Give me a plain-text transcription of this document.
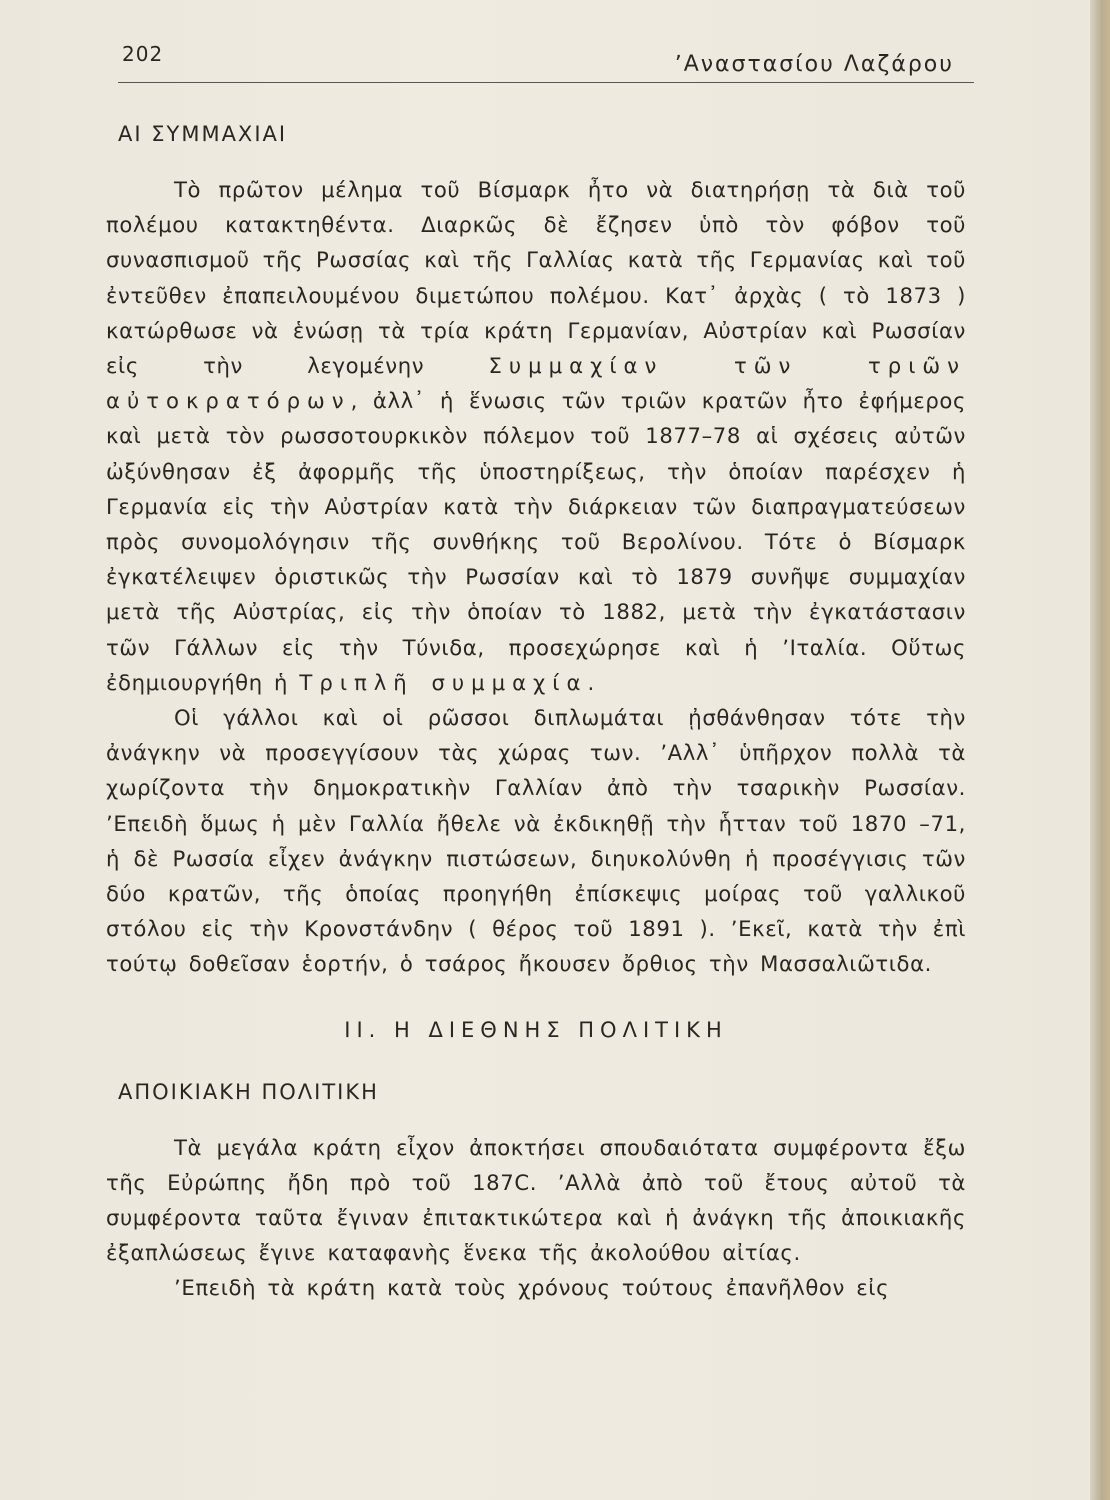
202	ʼΑναστασίου Λαζάρου
ΑΙ ΣΥΜΜΑΧΙΑΙ

Τὸ πρῶτον μέλημα τοῦ Βίσμαρκ ἦτο νὰ διατηρήσῃ τὰ διὰ τοῦ πολέμου κατακτηθέντα. Διαρκῶς δὲ ἔζησεν ὑπὸ τὸν φόβον τοῦ συνασπισμοῦ τῆς Ρωσσίας καὶ τῆς Γαλλίας κατὰ τῆς Γερμανίας καὶ τοῦ ἐντεῦθεν ἐπαπειλουμένου διμετώπου πολέμου. Κατ᾽ ἀρχὰς ( τὸ 1873 ) κατώρθωσε νὰ ἑνώσῃ τὰ τρία κράτη Γερμανίαν, Αὐστρίαν καὶ Ρωσσίαν εἰς τὴν λεγομένην Συμμαχίαν τῶν τριῶν αὐτοκρατόρων, ἀλλ᾽ ἡ ἕνωσις τῶν τριῶν κρατῶν ἦτο ἐφήμερος καὶ μετὰ τὸν ρωσσοτουρκικὸν πόλεμον τοῦ 1877–78 αἱ σχέσεις αὐτῶν ὠξύνθησαν ἐξ ἀφορμῆς τῆς ὑποστηρίξεως, τὴν ὁποίαν παρέσχεν ἡ Γερμανία εἰς τὴν Αὐστρίαν κατὰ τὴν διάρκειαν τῶν διαπραγματεύσεων πρὸς συνομολόγησιν τῆς συνθήκης τοῦ Βερολίνου. Τότε ὁ Βίσμαρκ ἐγκατέλειψεν ὁριστικῶς τὴν Ρωσσίαν καὶ τὸ 1879 συνῆψε συμμαχίαν μετὰ τῆς Αὐστρίας, εἰς τὴν ὁποίαν τὸ 1882, μετὰ τὴν ἐγκατάστασιν τῶν Γάλλων εἰς τὴν Τύνιδα, προσεχώρησε καὶ ἡ ʼΙταλία. Οὕτως ἐδημιουργήθη ἡ Τριπλῆ συμμαχία.

Οἱ γάλλοι καὶ οἱ ρῶσσοι διπλωμάται ᾐσθάνθησαν τότε τὴν ἀνάγκην νὰ προσεγγίσουν τὰς χώρας των. ʼΑλλ᾽ ὑπῆρχον πολλὰ τὰ χωρίζοντα τὴν δημοκρατικὴν Γαλλίαν ἀπὸ τὴν τσαρικὴν Ρωσσίαν. ʼΕπειδὴ ὅμως ἡ μὲν Γαλλία ἤθελε νὰ ἐκδικηθῇ τὴν ἧτταν τοῦ 1870 –71, ἡ δὲ Ρωσσία εἶχεν ἀνάγκην πιστώσεων, διηυκολύνθη ἡ προσέγγισις τῶν δύο κρατῶν, τῆς ὁποίας προηγήθη ἐπίσκεψις μοίρας τοῦ γαλλικοῦ στόλου εἰς τὴν Κρονστάνδην ( θέρος τοῦ 1891 ). ʼΕκεῖ, κατὰ τὴν ἐπὶ τούτῳ δοθεῖσαν ἑορτήν, ὁ τσάρος ἤκουσεν ὄρθιος τὴν Μασσαλιῶτιδα.

ΙΙ. Η ΔΙΕΘΝΗΣ ΠΟΛΙΤΙΚΗ
ΑΠΟΙΚΙΑΚΗ ΠΟΛΙΤΙΚΗ

Τὰ μεγάλα κράτη εἶχον ἀποκτήσει σπουδαιότατα συμφέροντα ἔξω τῆς Εὐρώπης ἤδη πρὸ τοῦ 187C. ʼΑλλὰ ἀπὸ τοῦ ἔτους αὐτοῦ τὰ συμφέροντα ταῦτα ἔγιναν ἐπιτακτικώτερα καὶ ἡ ἀνάγκη τῆς ἀποικιακῆς ἐξαπλώσεως ἔγινε καταφανὴς ἕνεκα τῆς ἀκολούθου αἰτίας.

ʼΕπειδὴ τὰ κράτη κατὰ τοὺς χρόνους τούτους ἐπανῆλθον εἰς
